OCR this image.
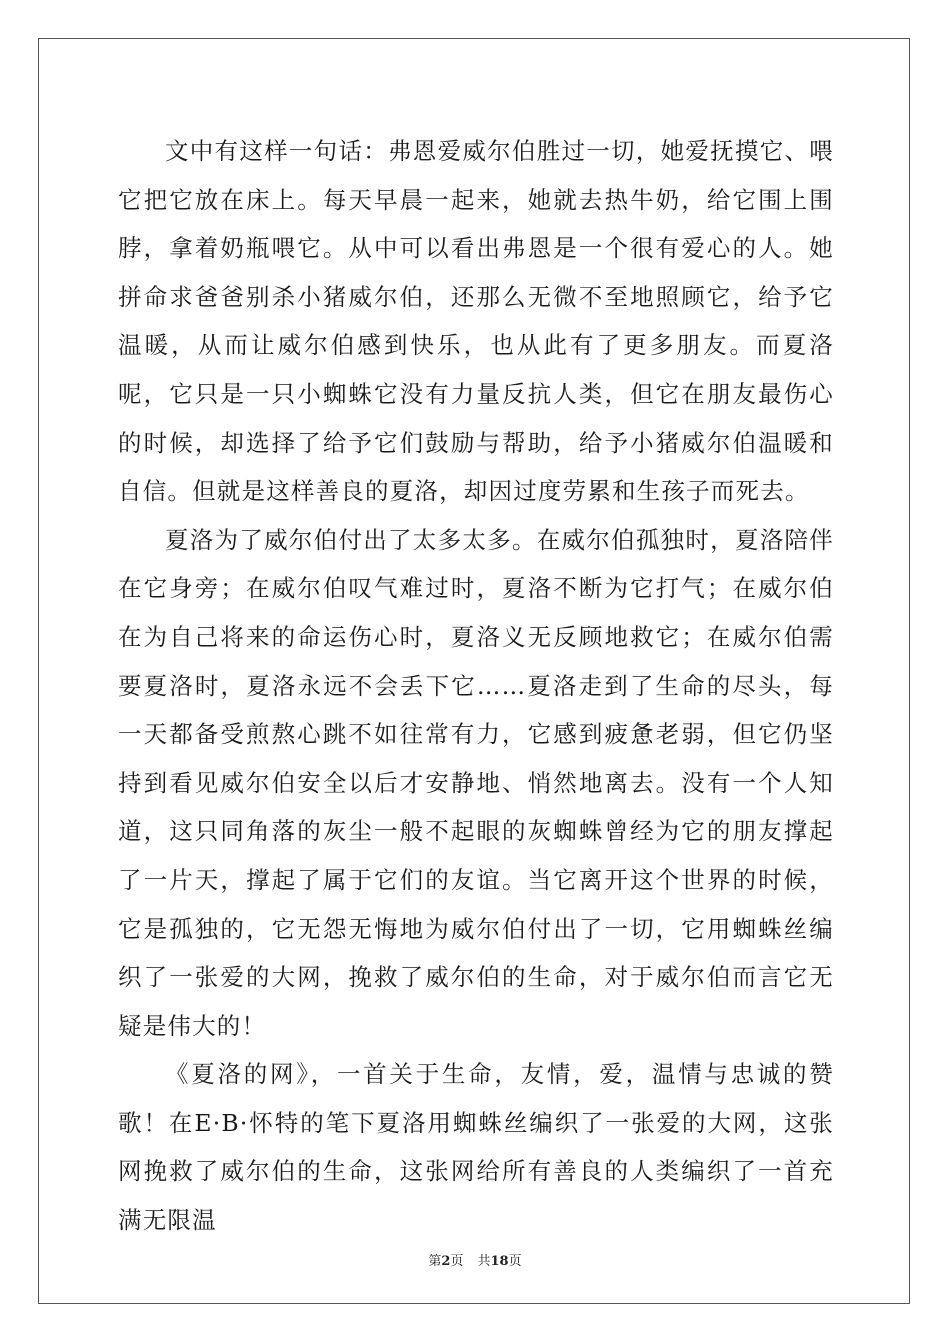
文中有这样一句话：弗恩爱威尔伯胜过一切，她爱抚摸它、喂它把它放在床上。每天早晨一起来，她就去热牛奶，给它围上围脖，拿着奶瓶喂它。从中可以看出弗恩是一个很有爱心的人。她拼命求爸爸别杀小猪威尔伯，还那么无微不至地照顾它，给予它温暖，从而让威尔伯感到快乐，也从此有了更多朋友。而夏洛呢，它只是一只小蜘蛛它没有力量反抗人类，但它在朋友最伤心的时候，却选择了给予它们鼓励与帮助，给予小猪威尔伯温暖和自信。但就是这样善良的夏洛，却因过度劳累和生孩子而死去。

夏洛为了威尔伯付出了太多太多。在威尔伯孤独时，夏洛陪伴在它身旁；在威尔伯叹气难过时，夏洛不断为它打气；在威尔伯在为自己将来的命运伤心时，夏洛义无反顾地救它；在威尔伯需要夏洛时，夏洛永远不会丢下它……夏洛走到了生命的尽头，每一天都备受煎熬心跳不如往常有力，它感到疲惫老弱，但它仍坚持到看见威尔伯安全以后才安静地、悄然地离去。没有一个人知道，这只同角落的灰尘一般不起眼的灰蜘蛛曾经为它的朋友撑起了一片天，撑起了属于它们的友谊。当它离开这个世界的时候，它是孤独的，它无怨无悔地为威尔伯付出了一切，它用蜘蛛丝编织了一张爱的大网，挽救了威尔伯的生命，对于威尔伯而言它无疑是伟大的！

《夏洛的网》，一首关于生命，友情，爱，温情与忠诚的赞歌！在E·B·怀特的笔下夏洛用蜘蛛丝编织了一张爱的大网，这张网挽救了威尔伯的生命，这张网给所有善良的人类编织了一首充满无限温

第2页 共18页
